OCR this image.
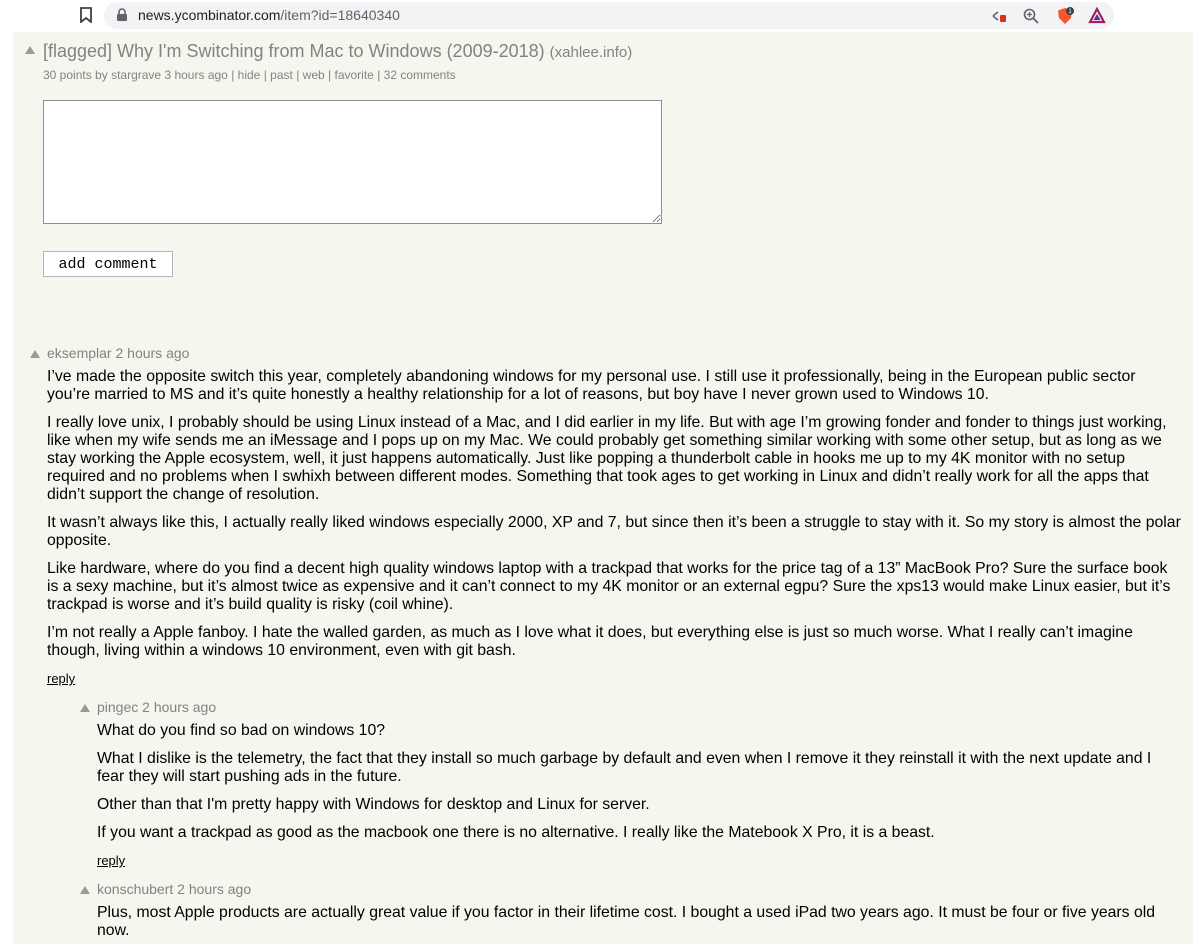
news.ycombinator.com/item?id=18640340	1
[flagged] Why I'm Switching from Mac to Windows (2009-2018) (xahlee.info)
30 points by stargrave 3 hours ago | hide | past | web | favorite | 32 comments
add comment
eksemplar 2 hours ago

I’ve made the opposite switch this year, completely abandoning windows for my personal use. I still use it professionally, being in the European public sector you’re married to MS and it’s quite honestly a healthy relationship for a lot of reasons, but boy have I never grown used to Windows 10.

I really love unix, I probably should be using Linux instead of a Mac, and I did earlier in my life. But with age I’m growing fonder and fonder to things just working, like when my wife sends me an iMessage and I pops up on my Mac. We could probably get something similar working with some other setup, but as long as we stay working the Apple ecosystem, well, it just happens automatically. Just like popping a thunderbolt cable in hooks me up to my 4K monitor with no setup required and no problems when I swhixh between different modes. Something that took ages to get working in Linux and didn’t really work for all the apps that didn’t support the change of resolution.

It wasn’t always like this, I actually really liked windows especially 2000, XP and 7, but since then it’s been a struggle to stay with it. So my story is almost the polar opposite.

Like hardware, where do you find a decent high quality windows laptop with a trackpad that works for the price tag of a 13” MacBook Pro? Sure the surface book is a sexy machine, but it’s almost twice as expensive and it can’t connect to my 4K monitor or an external egpu? Sure the xps13 would make Linux easier, but it’s trackpad is worse and it’s build quality is risky (coil whine).

I’m not really a Apple fanboy. I hate the walled garden, as much as I love what it does, but everything else is just so much worse. What I really can’t imagine though, living within a windows 10 environment, even with git bash.

reply
pingec 2 hours ago

What do you find so bad on windows 10?

What I dislike is the telemetry, the fact that they install so much garbage by default and even when I remove it they reinstall it with the next update and I fear they will start pushing ads in the future.

Other than that I'm pretty happy with Windows for desktop and Linux for server.

If you want a trackpad as good as the macbook one there is no alternative. I really like the Matebook X Pro, it is a beast.

reply
konschubert 2 hours ago

Plus, most Apple products are actually great value if you factor in their lifetime cost. I bought a used iPad two years ago. It must be four or five years old now.
